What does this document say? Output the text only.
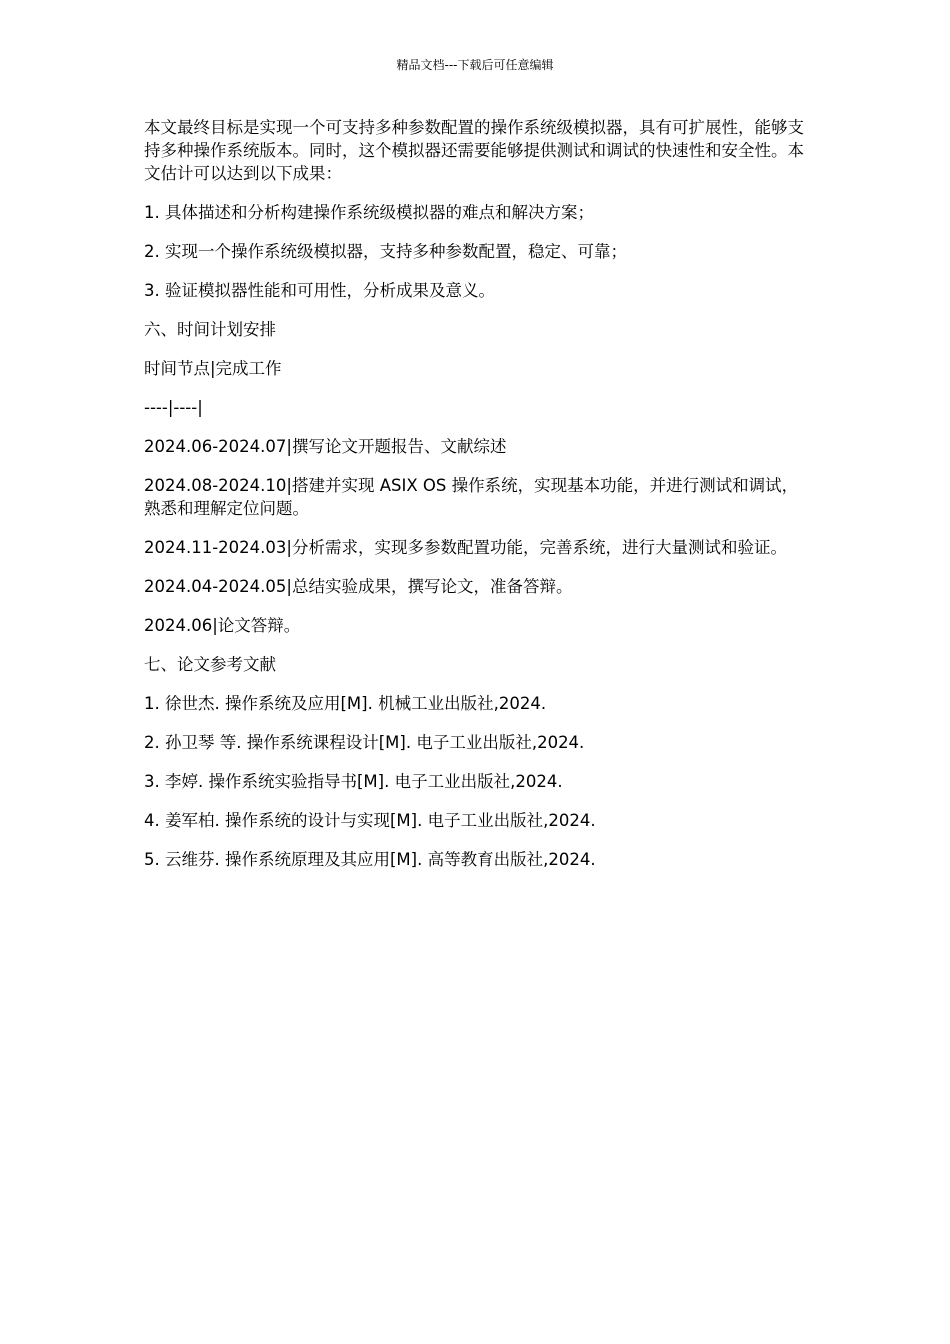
精品文档---下载后可任意编辑

本文最终目标是实现一个可支持多种参数配置的操作系统级模拟器，具有可扩展性，能够支持多种操作系统版本。同时，这个模拟器还需要能够提供测试和调试的快速性和安全性。本文估计可以达到以下成果：

1. 具体描述和分析构建操作系统级模拟器的难点和解决方案；

2. 实现一个操作系统级模拟器，支持多种参数配置，稳定、可靠；

3. 验证模拟器性能和可用性，分析成果及意义。

六、时间计划安排

时间节点|完成工作

----|----|

2024.06-2024.07|撰写论文开题报告、文献综述

2024.08-2024.10|搭建并实现 ASIX OS 操作系统，实现基本功能，并进行测试和调试，熟悉和理解定位问题。

2024.11-2024.03|分析需求，实现多参数配置功能，完善系统，进行大量测试和验证。

2024.04-2024.05|总结实验成果，撰写论文，准备答辩。

2024.06|论文答辩。

七、论文参考文献

1. 徐世杰. 操作系统及应用[M]. 机械工业出版社,2024.

2. 孙卫琴 等. 操作系统课程设计[M]. 电子工业出版社,2024.

3. 李婷. 操作系统实验指导书[M]. 电子工业出版社,2024.

4. 姜军柏. 操作系统的设计与实现[M]. 电子工业出版社,2024.

5. 云维芬. 操作系统原理及其应用[M]. 高等教育出版社,2024.
